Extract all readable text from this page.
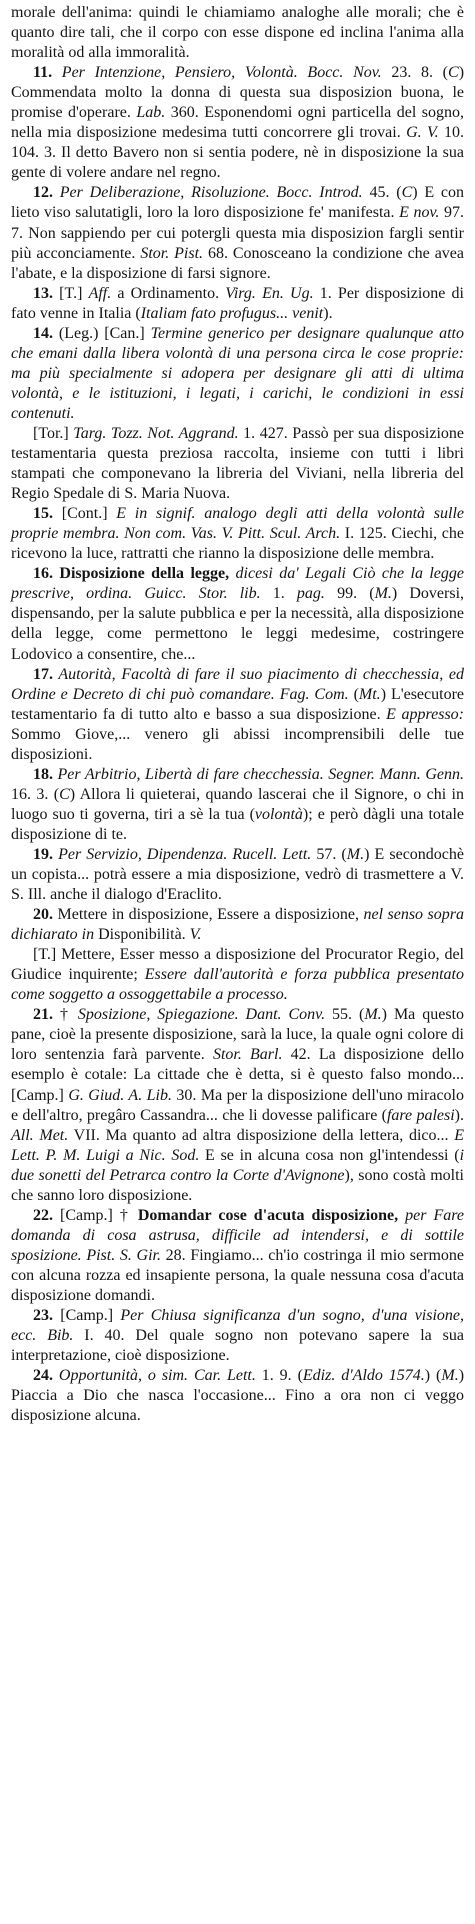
morale dell'anima: quindi le chiamiamo analoghe alle morali; che è quanto dire tali, che il corpo con esse dispone ed inclina l'anima alla moralità od alla immoralità.

11. Per Intenzione, Pensiero, Volontà. Bocc. Nov. 23. 8. (C) Commendata molto la donna di questa sua disposizion buona, le promise d'operare. Lab. 360. Esponendomi ogni particella del sogno, nella mia disposizione medesima tutti concorrere gli trovai. G. V. 10. 104. 3. Il detto Bavero non si sentia podere, nè in disposizione la sua gente di volere andare nel regno.

12. Per Deliberazione, Risoluzione. Bocc. Introd. 45. (C) E con lieto viso salutatigli, loro la loro disposizione fe' manifesta. E nov. 97. 7. Non sappiendo per cui potergli questa mia disposizion fargli sentir più acconciamente. Stor. Pist. 68. Conosceano la condizione che avea l'abate, e la disposizione di farsi signore.

13. [T.] Aff. a Ordinamento. Virg. En. Ug. 1. Per disposizione di fato venne in Italia (Italiam fato profugus... venit).

14. (Leg.) [Can.] Termine generico per designare qualunque atto che emani dalla libera volontà di una persona circa le cose proprie: ma più specialmente si adopera per designare gli atti di ultima volontà, e le istituzioni, i legati, i carichi, le condizioni in essi contenuti.

[Tor.] Targ. Tozz. Not. Aggrand. 1. 427. Passò per sua disposizione testamentaria questa preziosa raccolta, insieme con tutti i libri stampati che componevano la libreria del Viviani, nella libreria del Regio Spedale di S. Maria Nuova.

15. [Cont.] E in signif. analogo degli atti della volontà sulle proprie membra. Non com. Vas. V. Pitt. Scul. Arch. I. 125. Ciechi, che ricevono la luce, rattratti che rianno la disposizione delle membra.

16. Disposizione della legge, dicesi da' Legali Ciò che la legge prescrive, ordina. Guicc. Stor. lib. 1. pag. 99. (M.) Doversi, dispensando, per la salute pubblica e per la necessità, alla disposizione della legge, come permettono le leggi medesime, costringere Lodovico a consentire, che...

17. Autorità, Facoltà di fare il suo piacimento di checchessia, ed Ordine e Decreto di chi può comandare. Fag. Com. (Mt.) L'esecutore testamentario fa di tutto alto e basso a sua disposizione. E appresso: Sommo Giove,... venero gli abissi incomprensibili delle tue disposizioni.

18. Per Arbitrio, Libertà di fare checchessia. Segner. Mann. Genn. 16. 3. (C) Allora li quieterai, quando lascerai che il Signore, o chi in luogo suo ti governa, tiri a sè la tua (volontà); e però dàgli una totale disposizione di te.

19. Per Servizio, Dipendenza. Rucell. Lett. 57. (M.) E secondochè un copista... potrà essere a mia disposizione, vedrò di trasmettere a V. S. Ill. anche il dialogo d'Eraclito.

20. Mettere in disposizione, Essere a disposizione, nel senso sopra dichiarato in Disponibilità. V.

[T.] Mettere, Esser messo a disposizione del Procurator Regio, del Giudice inquirente; Essere dall'autorità e forza pubblica presentato come soggetto a ossoggettabile a processo.

21. † Sposizione, Spiegazione. Dant. Conv. 55. (M.) Ma questo pane, cioè la presente disposizione, sarà la luce, la quale ogni colore di loro sentenzia farà parvente. Stor. Barl. 42. La disposizione dello esemplo è cotale: La cittade che è detta, si è questo falso mondo... [Camp.] G. Giud. A. Lib. 30. Ma per la disposizione dell'uno miracolo e dell'altro, pregâro Cassandra... che li dovesse palificare (fare palesi). All. Met. VII. Ma quanto ad altra disposizione della lettera, dico... E Lett. P. M. Luigi a Nic. Sod. E se in alcuna cosa non gl'intendessi (i due sonetti del Petrarca contro la Corte d'Avignone), sono costà molti che sanno loro disposizione.

22. [Camp.] † Domandar cose d'acuta disposizione, per Fare domanda di cosa astrusa, difficile ad intendersi, e di sottile sposizione. Pist. S. Gir. 28. Fingiamo... ch'io costringa il mio sermone con alcuna rozza ed insapiente persona, la quale nessuna cosa d'acuta disposizione domandi.

23. [Camp.] Per Chiusa significanza d'un sogno, d'una visione, ecc. Bib. I. 40. Del quale sogno non potevano sapere la sua interpretazione, cioè disposizione.

24. Opportunità, o sim. Car. Lett. 1. 9. (Ediz. d'Aldo 1574.) (M.) Piaccia a Dio che nasca l'occasione... Fino a ora non ci veggo disposizione alcuna.
